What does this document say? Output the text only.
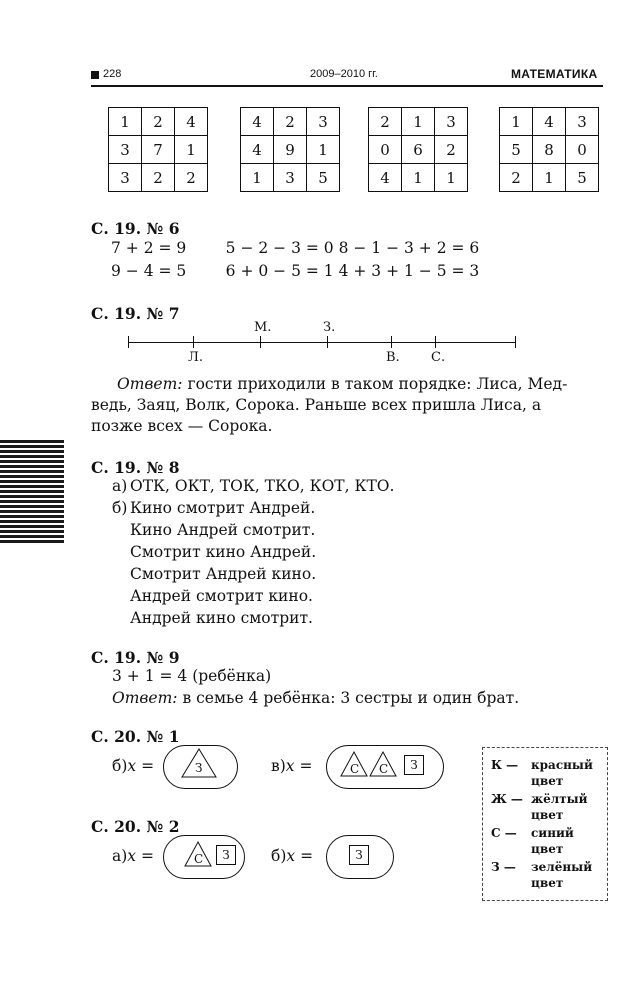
228	2009–2010 гг.	МАТЕМАТИКА
1	2	4
3	7	1
3	2	2
4	2	3
4	9	1
1	3	5
2	1	3
0	6	2
4	1	1
1	4	3
5	8	0
2	1	5
С. 19. № 6
7 + 2 = 9        5 − 2 − 3 = 0 8 − 1 − 3 + 2 = 6
9 − 4 = 5        6 + 0 − 5 = 1 4 + 3 + 1 − 5 = 3
С. 19. № 7
М.	З.
Л.	В. С.
Ответ: гости приходили в таком порядке: Лиса, Мед-
ведь, Заяц, Волк, Сорока. Раньше всех пришла Лиса, а
позже всех — Сорока.
С. 19. № 8
а) ОТК, ОКТ, ТОК, ТКО, КОТ, КТО.
б) Кино смотрит Андрей.
Кино Андрей смотрит.
Смотрит кино Андрей.
Смотрит Андрей кино.
Андрей смотрит кино.
Андрей кино смотрит.
С. 19. № 9
3 + 1 = 4 (ребёнка)
Ответ: в семье 4 ребёнка: 3 сестры и один брат.
С. 20. № 1
б)x =	З	в)x =	С С	З
С. 20. № 2
а)x =	С	З	б)x =	З
К — красный
цвет
Ж — жёлтый
цвет
С — синий
цвет
З — зелёный
цвет
